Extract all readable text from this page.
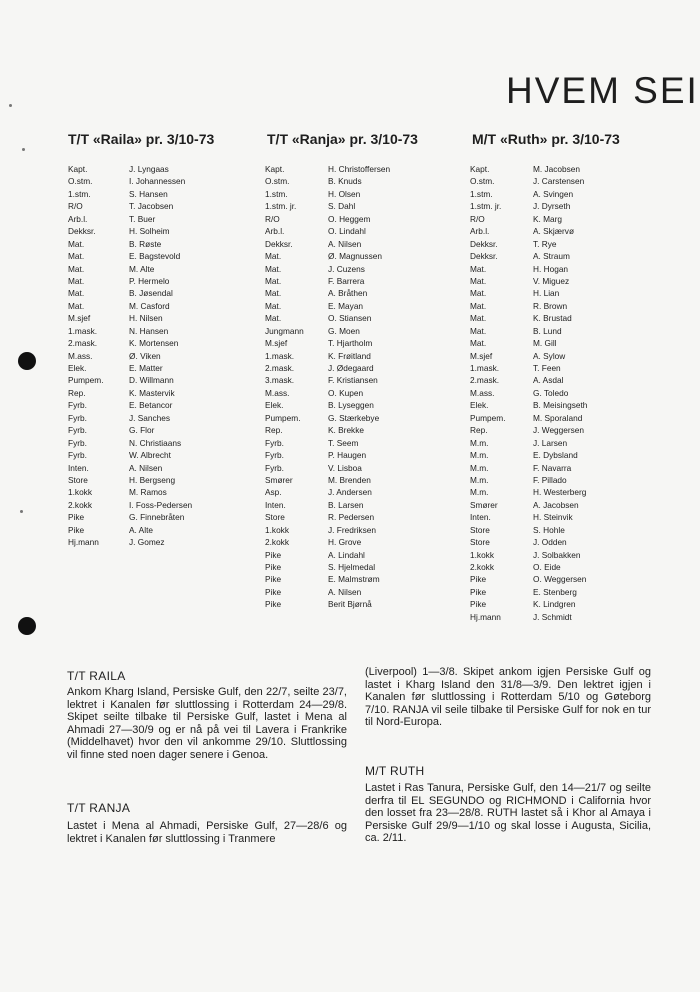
HVEM SEI
T/T «Raila» pr. 3/10-73
Kapt.	J. Lyngaas
O.stm.	I. Johannessen
1.stm.	S. Hansen
R/O	T. Jacobsen
Arb.l.	T. Buer
Dekksr.	H. Solheim
Mat.	B. Røste
Mat.	E. Bagstevold
Mat.	M. Alte
Mat.	P. Hermelo
Mat.	B. Jøsendal
Mat.	M. Casford
M.sjef	H. Nilsen
1.mask.	N. Hansen
2.mask.	K. Mortensen
M.ass.	Ø. Viken
Elek.	E. Matter
Pumpem.	D. Willmann
Rep.	K. Mastervik
Fyrb.	E. Betancor
Fyrb.	J. Sanches
Fyrb.	G. Flor
Fyrb.	N. Christiaans
Fyrb.	W. Albrecht
Inten.	A. Nilsen
Store	H. Bergseng
1.kokk	M. Ramos
2.kokk	I. Foss-Pedersen
Pike	G. Finnebråten
Pike	A. Alte
Hj.mann	J. Gomez
T/T «Ranja» pr. 3/10-73
Kapt.	H. Christoffersen
O.stm.	B. Knuds
1.stm.	H. Olsen
1.stm. jr.	S. Dahl
R/O	O. Heggem
Arb.l.	O. Lindahl
Dekksr.	A. Nilsen
Mat.	Ø. Magnussen
Mat.	J. Cuzens
Mat.	F. Barrera
Mat.	A. Bråthen
Mat.	E. Mayan
Mat.	O. Stiansen
Jungmann	G. Moen
M.sjef	T. Hjartholm
1.mask.	K. Frøitland
2.mask.	J. Ødegaard
3.mask.	F. Kristiansen
M.ass.	O. Kupen
Elek.	B. Lyseggen
Pumpem.	G. Stærkebye
Rep.	K. Brekke
Fyrb.	T. Seem
Fyrb.	P. Haugen
Fyrb.	V. Lisboa
Smører	M. Brenden
Asp.	J. Andersen
Inten.	B. Larsen
Store	R. Pedersen
1.kokk	J. Fredriksen
2.kokk	H. Grove
Pike	A. Lindahl
Pike	S. Hjelmedal
Pike	E. Malmstrøm
Pike	A. Nilsen
Pike	Berit Bjørnå
M/T «Ruth» pr. 3/10-73
Kapt.	M. Jacobsen
O.stm.	J. Carstensen
1.stm.	A. Svingen
1.stm. jr.	J. Dyrseth
R/O	K. Marg
Arb.l.	A. Skjærvø
Dekksr.	T. Rye
Dekksr.	A. Straum
Mat.	H. Hogan
Mat.	V. Miguez
Mat.	H. Lian
Mat.	R. Brown
Mat.	K. Brustad
Mat.	B. Lund
Mat.	M. Gill
M.sjef	A. Sylow
1.mask.	T. Feen
2.mask.	A. Asdal
M.ass.	G. Toledo
Elek.	B. Meisingseth
Pumpem.	M. Sporaland
Rep.	J. Weggersen
M.m.	J. Larsen
M.m.	E. Dybsland
M.m.	F. Navarra
M.m.	F. Pillado
M.m.	H. Westerberg
Smører	A. Jacobsen
Inten.	H. Steinvik
Store	S. Hohle
Store	J. Odden
1.kokk	J. Solbakken
2.kokk	O. Eide
Pike	O. Weggersen
Pike	E. Stenberg
Pike	K. Lindgren
Hj.mann	J. Schmidt
T/T RAILA

Ankom Kharg Island, Persiske Gulf, den 22/7, seilte 23/7, lektret i Kanalen før sluttlossing i Rotterdam 24—29/8. Skipet seilte tilbake til Persiske Gulf, lastet i Mena al Ahmadi 27—30/9 og er nå på vei til Lavera i Frankrike (Middelhavet) hvor den vil ankomme 29/10. Sluttlossing vil finne sted noen dager senere i Genoa.

T/T RANJA

Lastet i Mena al Ahmadi, Persiske Gulf, 27—28/6 og lektret i Kanalen før sluttlossing i Tranmere

(Liverpool) 1—3/8. Skipet ankom igjen Persiske Gulf og lastet i Kharg Island den 31/8—3/9. Den lektret igjen i Kanalen før sluttlossing i Rotterdam 5/10 og Gøteborg 7/10. RANJA vil seile tilbake til Persiske Gulf for nok en tur til Nord-Europa.

M/T RUTH

Lastet i Ras Tanura, Persiske Gulf, den 14—21/7 og seilte derfra til EL SEGUNDO og RICHMOND i California hvor den losset fra 23—28/8. RUTH lastet så i Khor al Amaya i Persiske Gulf 29/9—1/10 og skal losse i Augusta, Sicilia, ca. 2/11.
